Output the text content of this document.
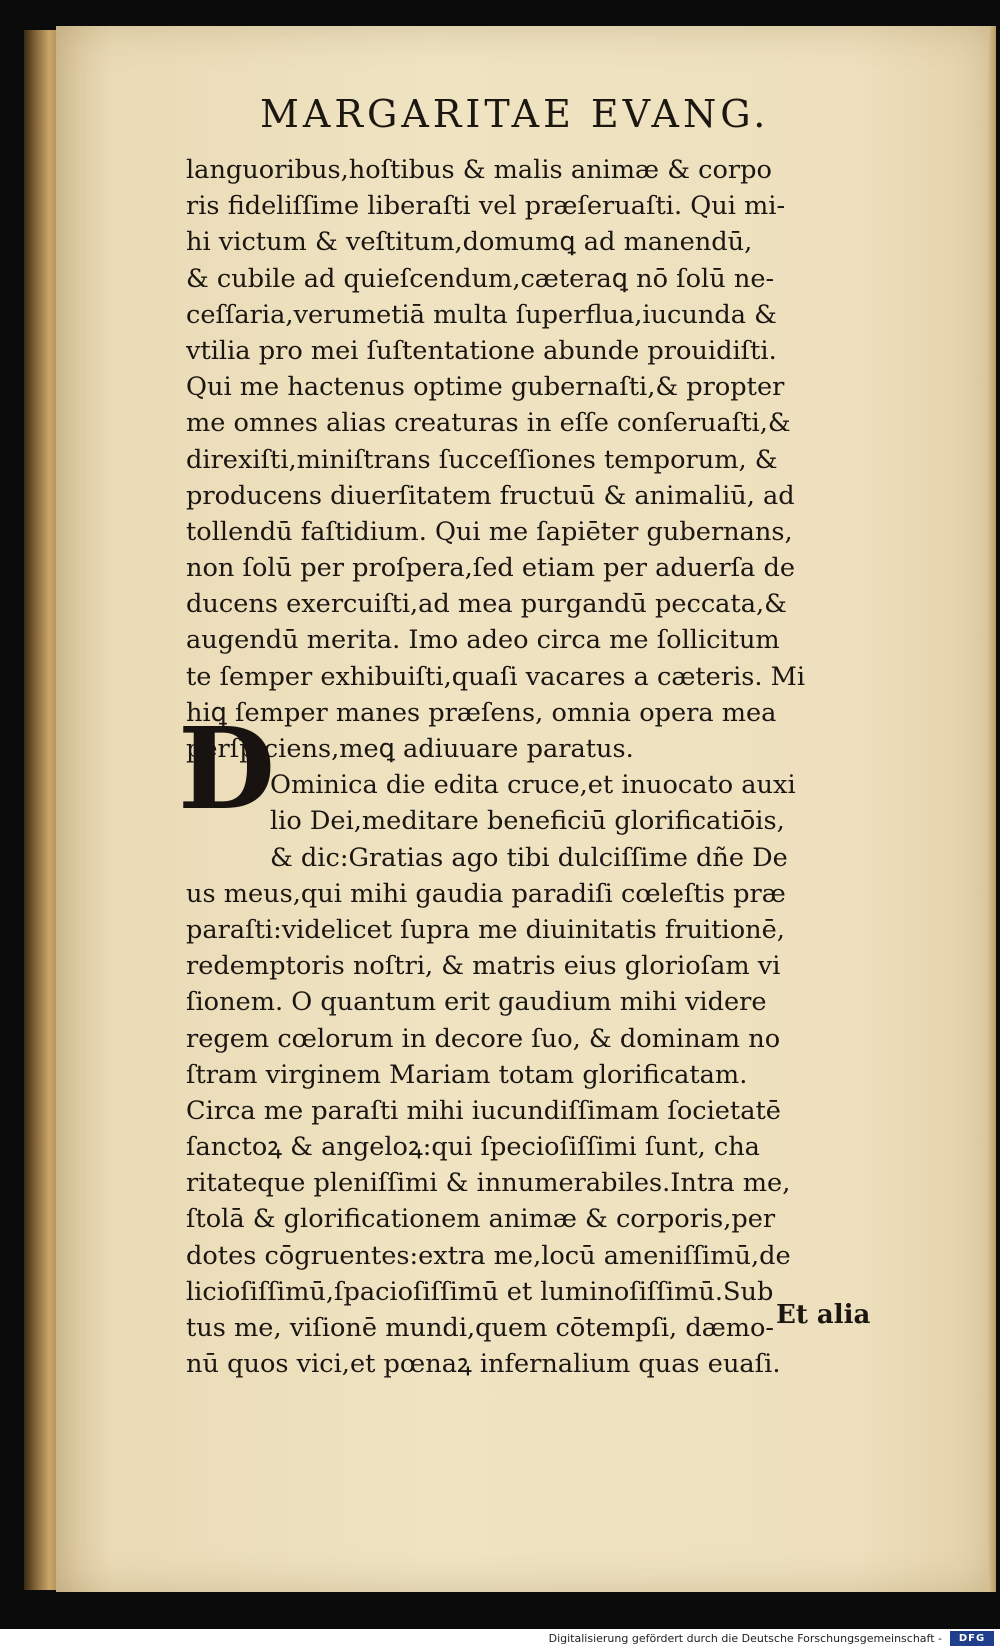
MARGARITAE EVANG.
languoribus,hoſtibus & malis animæ & corpo
ris fideliſſime liberaſti vel præſeruaſti. Qui mi-
hi victum & veſtitum,domumꝗ ad manendū,
& cubile ad quieſcendum,cæteraꝗ nō ſolū ne-
ceſſaria,verumetiā multa ſuperflua,iucunda &
vtilia pro mei ſuſtentatione abunde prouidiſti.
Qui me hactenus optime gubernaſti,& propter
me omnes alias creaturas in eſſe conſeruaſti,&
direxiſti,miniſtrans ſucceſſiones temporum, &
producens diuerſitatem fructuū & animaliū, ad
tollendū faſtidium. Qui me ſapiēter gubernans,
non ſolū per proſpera,ſed etiam per aduerſa de
ducens exercuiſti,ad mea purgandū peccata,&
augendū merita. Imo adeo circa me ſollicitum
te ſemper exhibuiſti,quaſi vacares a cæteris. Mi
hiꝗ ſemper manes præſens, omnia opera mea
perſpiciens,meꝗ adiuuare paratus.
Ominica die edita cruce,et inuocato auxi
lio Dei,meditare beneficiū glorificatiōis,
& dic:Gratias ago tibi dulciſſime dñe De
us meus,qui mihi gaudia paradiſi cœleſtis præ
paraſti:videlicet ſupra me diuinitatis fruitionē,
redemptoris noſtri, & matris eius glorioſam vi
ſionem. O quantum erit gaudium mihi videre
regem cœlorum in decore ſuo, & dominam no
ſtram virginem Mariam totam glorificatam.
Circa me paraſti mihi iucundiſſimam ſocietatē
ſanctoꝝ & angeloꝝ:qui ſpecioſiſſimi ſunt, cha
ritateque pleniſſimi & innumerabiles.Intra me,
ſtolā & glorificationem animæ & corporis,per
dotes cōgruentes:extra me,locū ameniſſimū,de
licioſiſſimū,ſpacioſiſſimū et luminoſiſſimū.Sub
tus me, viſionē mundi,quem cōtempſi, dæmo-
nū quos vici,et pœnaꝝ infernalium quas euaſi.
D
Et alia
Digitalisierung gefördert durch die Deutsche Forschungsgemeinschaft -	DFG
